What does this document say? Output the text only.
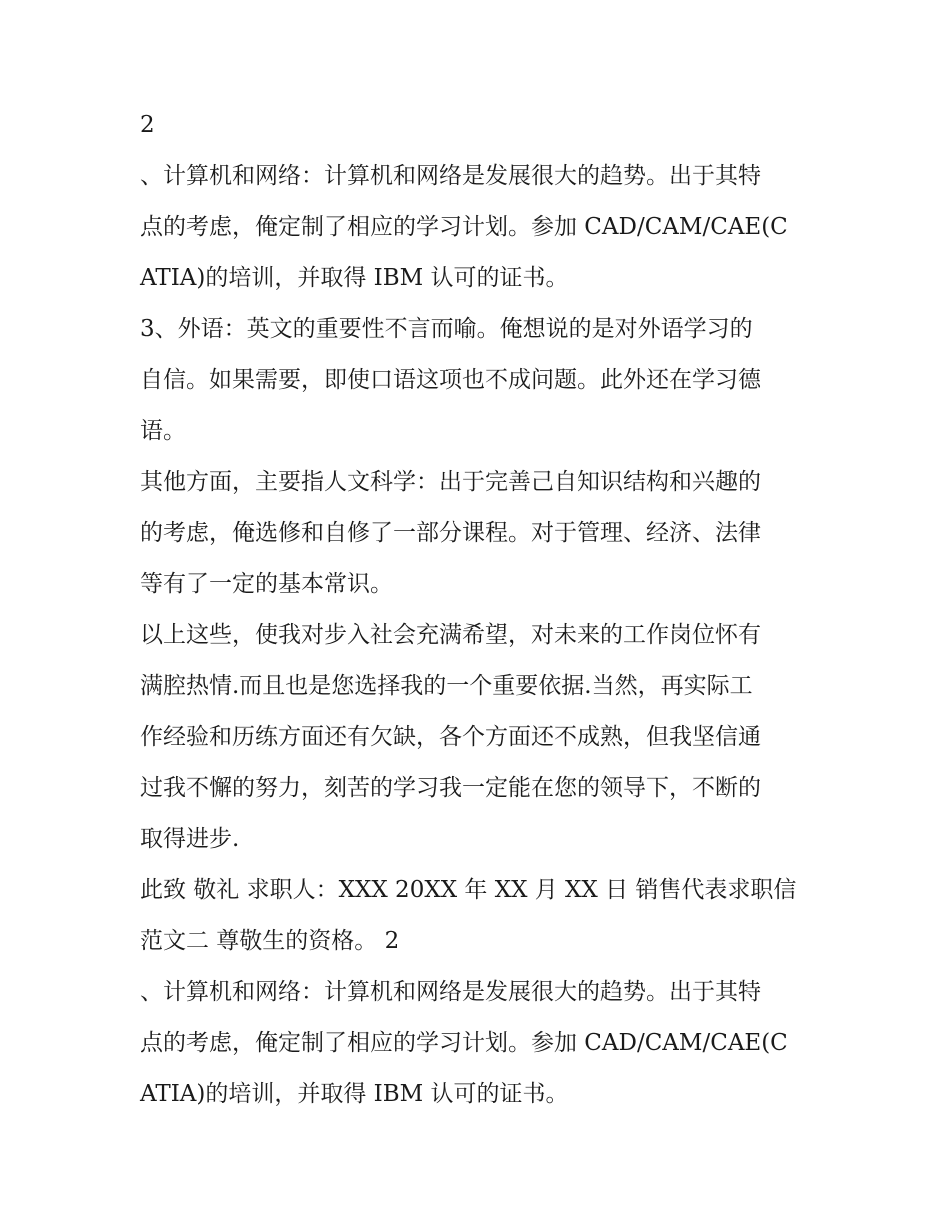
2
、计算机和网络：计算机和网络是发展很大的趋势。出于其特
点的考虑，俺定制了相应的学习计划。参加 CAD/CAM/CAE(C
ATIA)的培训，并取得 IBM 认可的证书。
3、外语：英文的重要性不言而喻。俺想说的是对外语学习的
自信。如果需要，即使口语这项也不成问题。此外还在学习德
语。
其他方面，主要指人文科学：出于完善己自知识结构和兴趣的
的考虑，俺选修和自修了一部分课程。对于管理、经济、法律
等有了一定的基本常识。
以上这些，使我对步入社会充满希望，对未来的工作岗位怀有
满腔热情.而且也是您选择我的一个重要依据.当然，再实际工
作经验和历练方面还有欠缺，各个方面还不成熟，但我坚信通
过我不懈的努力，刻苦的学习我一定能在您的领导下，不断的
取得进步.
此致 敬礼 求职人：XXX 20XX 年 XX 月 XX 日 销售代表求职信
范文二 尊敬生的资格。 2
、计算机和网络：计算机和网络是发展很大的趋势。出于其特
点的考虑，俺定制了相应的学习计划。参加 CAD/CAM/CAE(C
ATIA)的培训，并取得 IBM 认可的证书。
